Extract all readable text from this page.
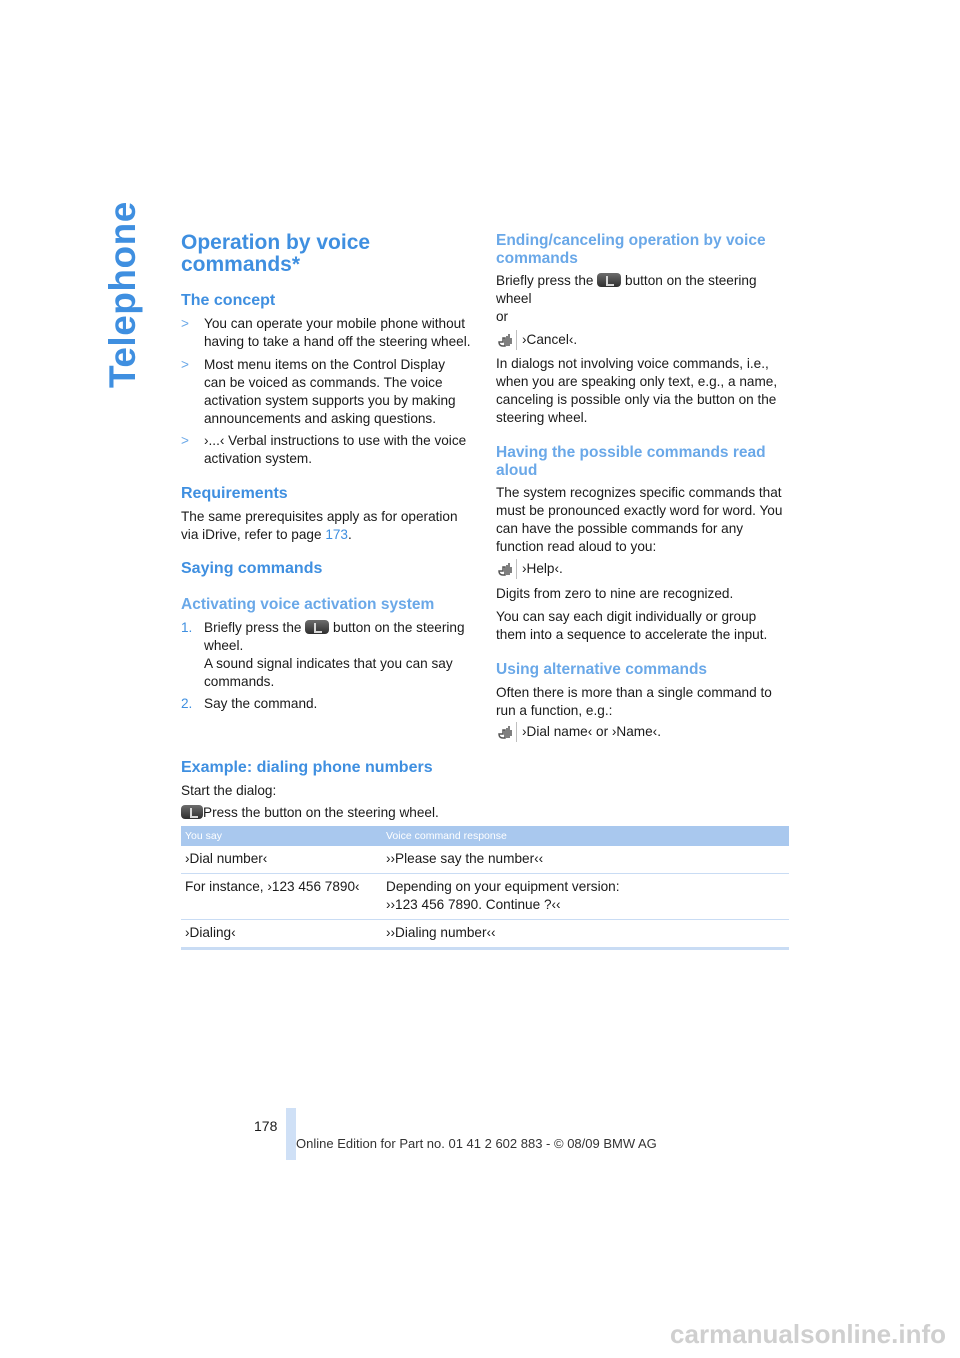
Telephone Operation by voice commands*
The concept
> You can operate your mobile phone without having to take a hand off the steering wheel.
> Most menu items on the Control Display can be voiced as commands. The voice activation system supports you by making announcements and asking questions.
> ›...‹ Verbal instructions to use with the voice activation system.
Requirements
The same prerequisites apply as for operation via iDrive, refer to page 173.
Saying commands
Activating voice activation system
1. Briefly press the button on the steering wheel.
A sound signal indicates that you can say commands.
2. Say the command.
Ending/canceling operation by voice commands
Briefly press the button on the steering wheel
or
›Cancel‹.
In dialogs not involving voice commands, i.e., when you are speaking only text, e.g., a name, canceling is possible only via the button on the steering wheel.
Having the possible commands read aloud
The system recognizes specific commands that must be pronounced exactly word for word. You can have the possible commands for any function read aloud to you:
›Help‹.
Digits from zero to nine are recognized.
You can say each digit individually or group them into a sequence to accelerate the input.
Using alternative commands
Often there is more than a single command to run a function, e.g.:
›Dial name‹ or ›Name‹.
Example: dialing phone numbers
Start the dialog:
Press the button on the steering wheel.
You say	Voice command response
›Dial number‹	››Please say the number‹‹
For instance, ›123 456 7890‹	Depending on your equipment version:
››123 456 7890. Continue ?‹‹

›Dialing‹	››Dialing number‹‹
178
Online Edition for Part no. 01 41 2 602 883 - © 08/09 BMW AG
carmanualsonline.info
